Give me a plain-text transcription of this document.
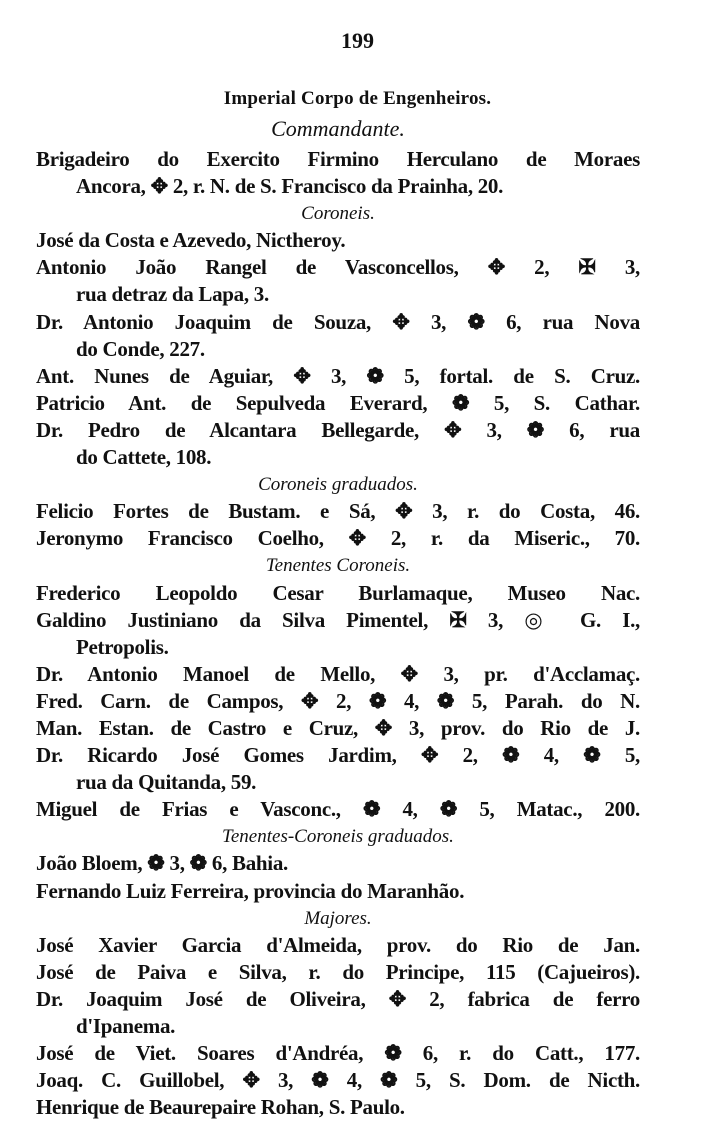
199
Imperial Corpo de Engenheiros.
Commandante.
Brigadeiro do Exercito Firmino Herculano de Moraes
Ancora, ✥ 2, r. N. de S. Francisco da Prainha, 20.
Coroneis.
José da Costa e Azevedo, Nictheroy.
Antonio João Rangel de Vasconcellos, ✥ 2, ✠ 3,
rua detraz da Lapa, 3.
Dr. Antonio Joaquim de Souza, ✥ 3, ❁ 6, rua Nova
do Conde, 227.
Ant. Nunes de Aguiar, ✥ 3, ❁ 5, fortal. de S. Cruz.
Patricio Ant. de Sepulveda Everard, ❁ 5, S. Cathar.
Dr. Pedro de Alcantara Bellegarde, ✥ 3, ❁ 6, rua
do Cattete, 108.
Coroneis graduados.
Felicio Fortes de Bustam. e Sá, ✥ 3, r. do Costa, 46.
Jeronymo Francisco Coelho, ✥ 2, r. da Miseric., 70.
Tenentes Coroneis.
Frederico Leopoldo Cesar Burlamaque, Museo Nac.
Galdino Justiniano da Silva Pimentel, ✠ 3, ◎ G. I.,
Petropolis.
Dr. Antonio Manoel de Mello, ✥ 3, pr. d'Acclamaç.
Fred. Carn. de Campos, ✥ 2, ❁ 4, ❁ 5, Parah. do N.
Man. Estan. de Castro e Cruz, ✥ 3, prov. do Rio de J.
Dr. Ricardo José Gomes Jardim, ✥ 2, ❁ 4, ❁ 5,
rua da Quitanda, 59.
Miguel de Frias e Vasconc., ❁ 4, ❁ 5, Matac., 200.
Tenentes-Coroneis graduados.
João Bloem, ❁ 3, ❁ 6, Bahia.
Fernando Luiz Ferreira, provincia do Maranhão.
Majores.
José Xavier Garcia d'Almeida, prov. do Rio de Jan.
José de Paiva e Silva, r. do Principe, 115 (Cajueiros).
Dr. Joaquim José de Oliveira, ✥ 2, fabrica de ferro
d'Ipanema.
José de Viet. Soares d'Andréa, ❁ 6, r. do Catt., 177.
Joaq. C. Guillobel, ✥ 3, ❁ 4, ❁ 5, S. Dom. de Nicth.
Henrique de Beaurepaire Rohan, S. Paulo.
